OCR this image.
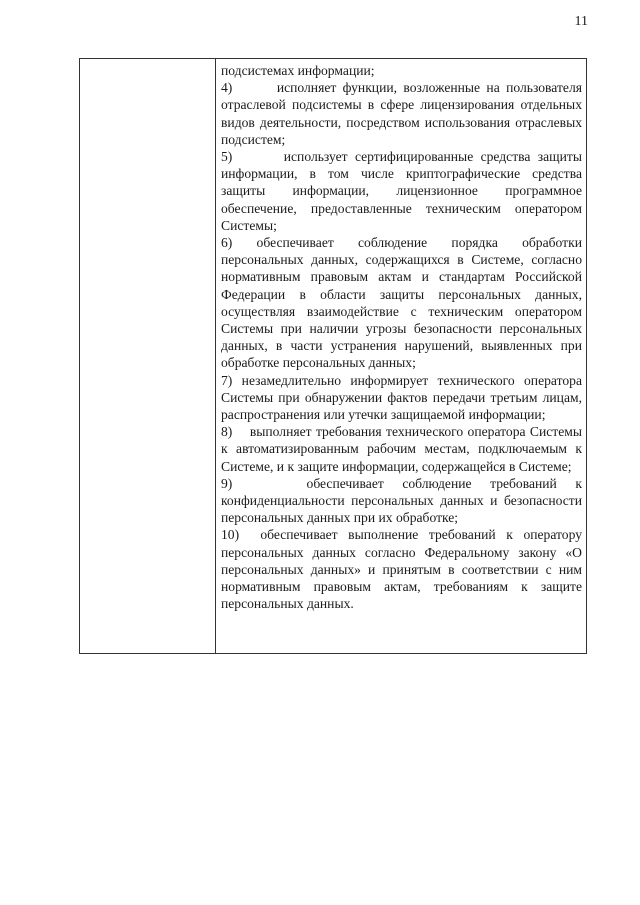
11

подсистемах информации;

4)       исполняет функции, возложенные на пользователя отраслевой подсистемы в сфере лицензирования отдельных видов деятельности, посредством использования отраслевых подсистем;

5)       использует сертифицированные средства защиты информации, в том числе криптографические средства защиты информации, лицензионное программное обеспечение, предоставленные техническим оператором Системы;

6) обеспечивает соблюдение порядка обработки персональных данных, содержащихся в Системе, согласно нормативным правовым актам и стандартам Российской Федерации в области защиты персональных данных, осуществляя взаимодействие с техническим оператором Системы при наличии угрозы безопасности персональных данных, в части устранения нарушений, выявленных при обработке персональных данных;

7) незамедлительно информирует технического оператора Системы при обнаружении фактов передачи третьим лицам, распространения или утечки защищаемой информации;

8)    выполняет требования технического оператора Системы к автоматизированным рабочим местам, подключаемым к Системе, и к защите информации, содержащейся в Системе;

9)    обеспечивает соблюдение требований к конфиденциальности персональных данных и безопасности персональных данных при их обработке;

10)  обеспечивает выполнение требований к оператору персональных данных согласно Федеральному закону «О персональных данных» и принятым в соответствии с ним нормативным правовым актам, требованиям к защите персональных данных.
